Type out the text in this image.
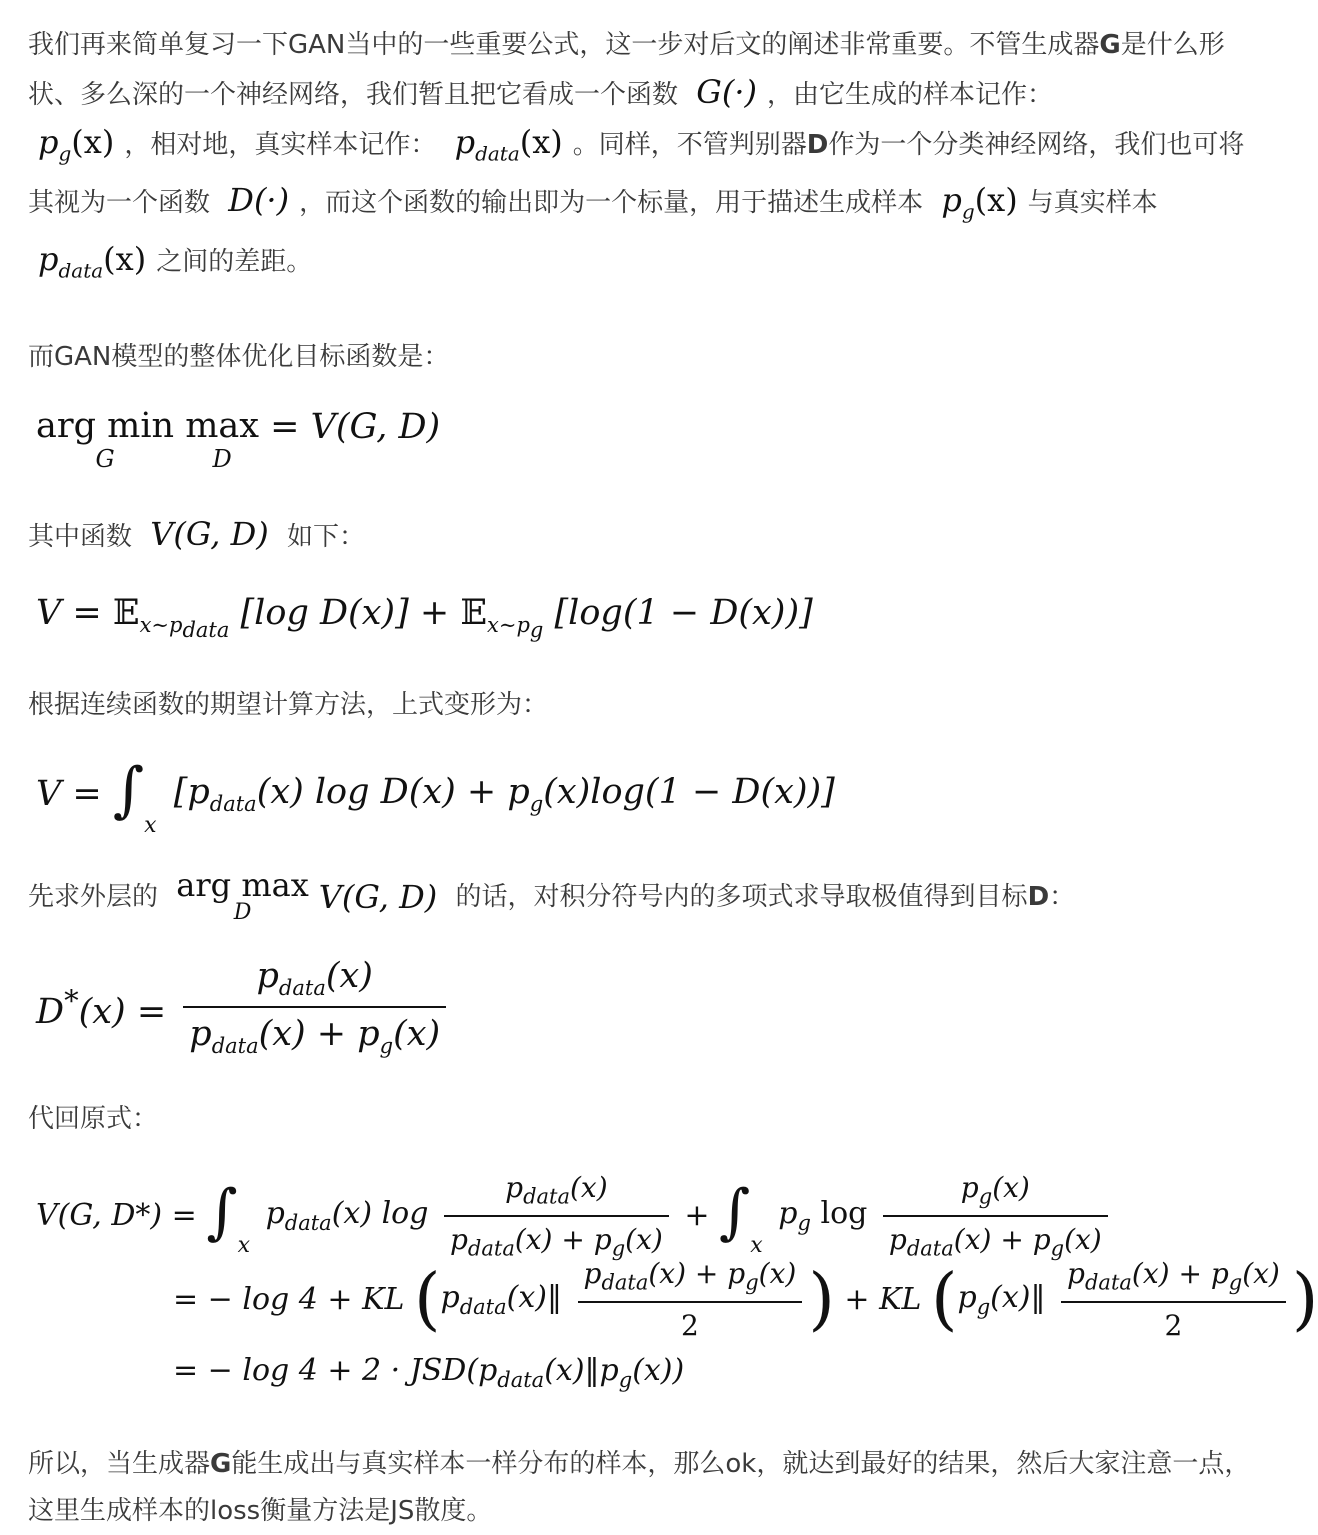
我们再来简单复习一下GAN当中的一些重要公式，这一步对后文的阐述非常重要。不管生成器G是什么形状、多么深的一个神经网络，我们暂且把它看成一个函数 G(·) ，由它生成的样本记作：
$p_g(x)$ ，相对地，真实样本记作： $p_{data}(x)$ 。同样，不管判别器D作为一个分类神经网络，我们也可将其视为一个函数 D(·) ，而这个函数的输出即为一个标量，用于描述生成样本 $p_g(x)$ 与真实样本 $p_{data}(x)$ 之间的差距。

而GAN模型的整体优化目标函数是：

arg min
G
max
D
= V(G, D)

其中函数 V(G, D) 如下：

V = 𝔼$_{x\sim p_{data}}$ [log D(x)] + 𝔼$_{x\sim p_g}$ [log(1 − D(x))]

根据连续函数的期望计算方法，上式变形为：

$V = \int_x$ [$p_{data}(x)$ $\log D(x) + p_g(x)\log(1 - D(x))$]

先求外层的 arg max
D	V(G, D) 的话，对积分符号内的多项式求导取极值得到目标D：

$D^*(x) = \frac{p_{data}(x)}{p_{data}(x) + p_g(x)}$

代回原式：

V(G, $D*) = \int_x$ $p_{data}(x)$ $\log \frac{p_{data}(x)}{p_{data}(x) + p_g(x)} + \int_x$ $p_g$ $\log \frac{p_g(x)}{p_{data}(x) + p_g(x)}$
= − log 4 + KL ($p_{data}(x)‖ \frac{p_{data}(x) + p_g(x)}{2}$ ) + KL ($p_g(x)‖ \frac{p_{data}(x) + p_g(x)}{2}$ )
= − $\log 4 + 2 \cdot JSD(p_{data}(x)‖p_g(x))$

所以，当生成器G能生成出与真实样本一样分布的样本，那么ok，就达到最好的结果，然后大家注意一点，这里生成样本的loss衡量方法是JS散度。
